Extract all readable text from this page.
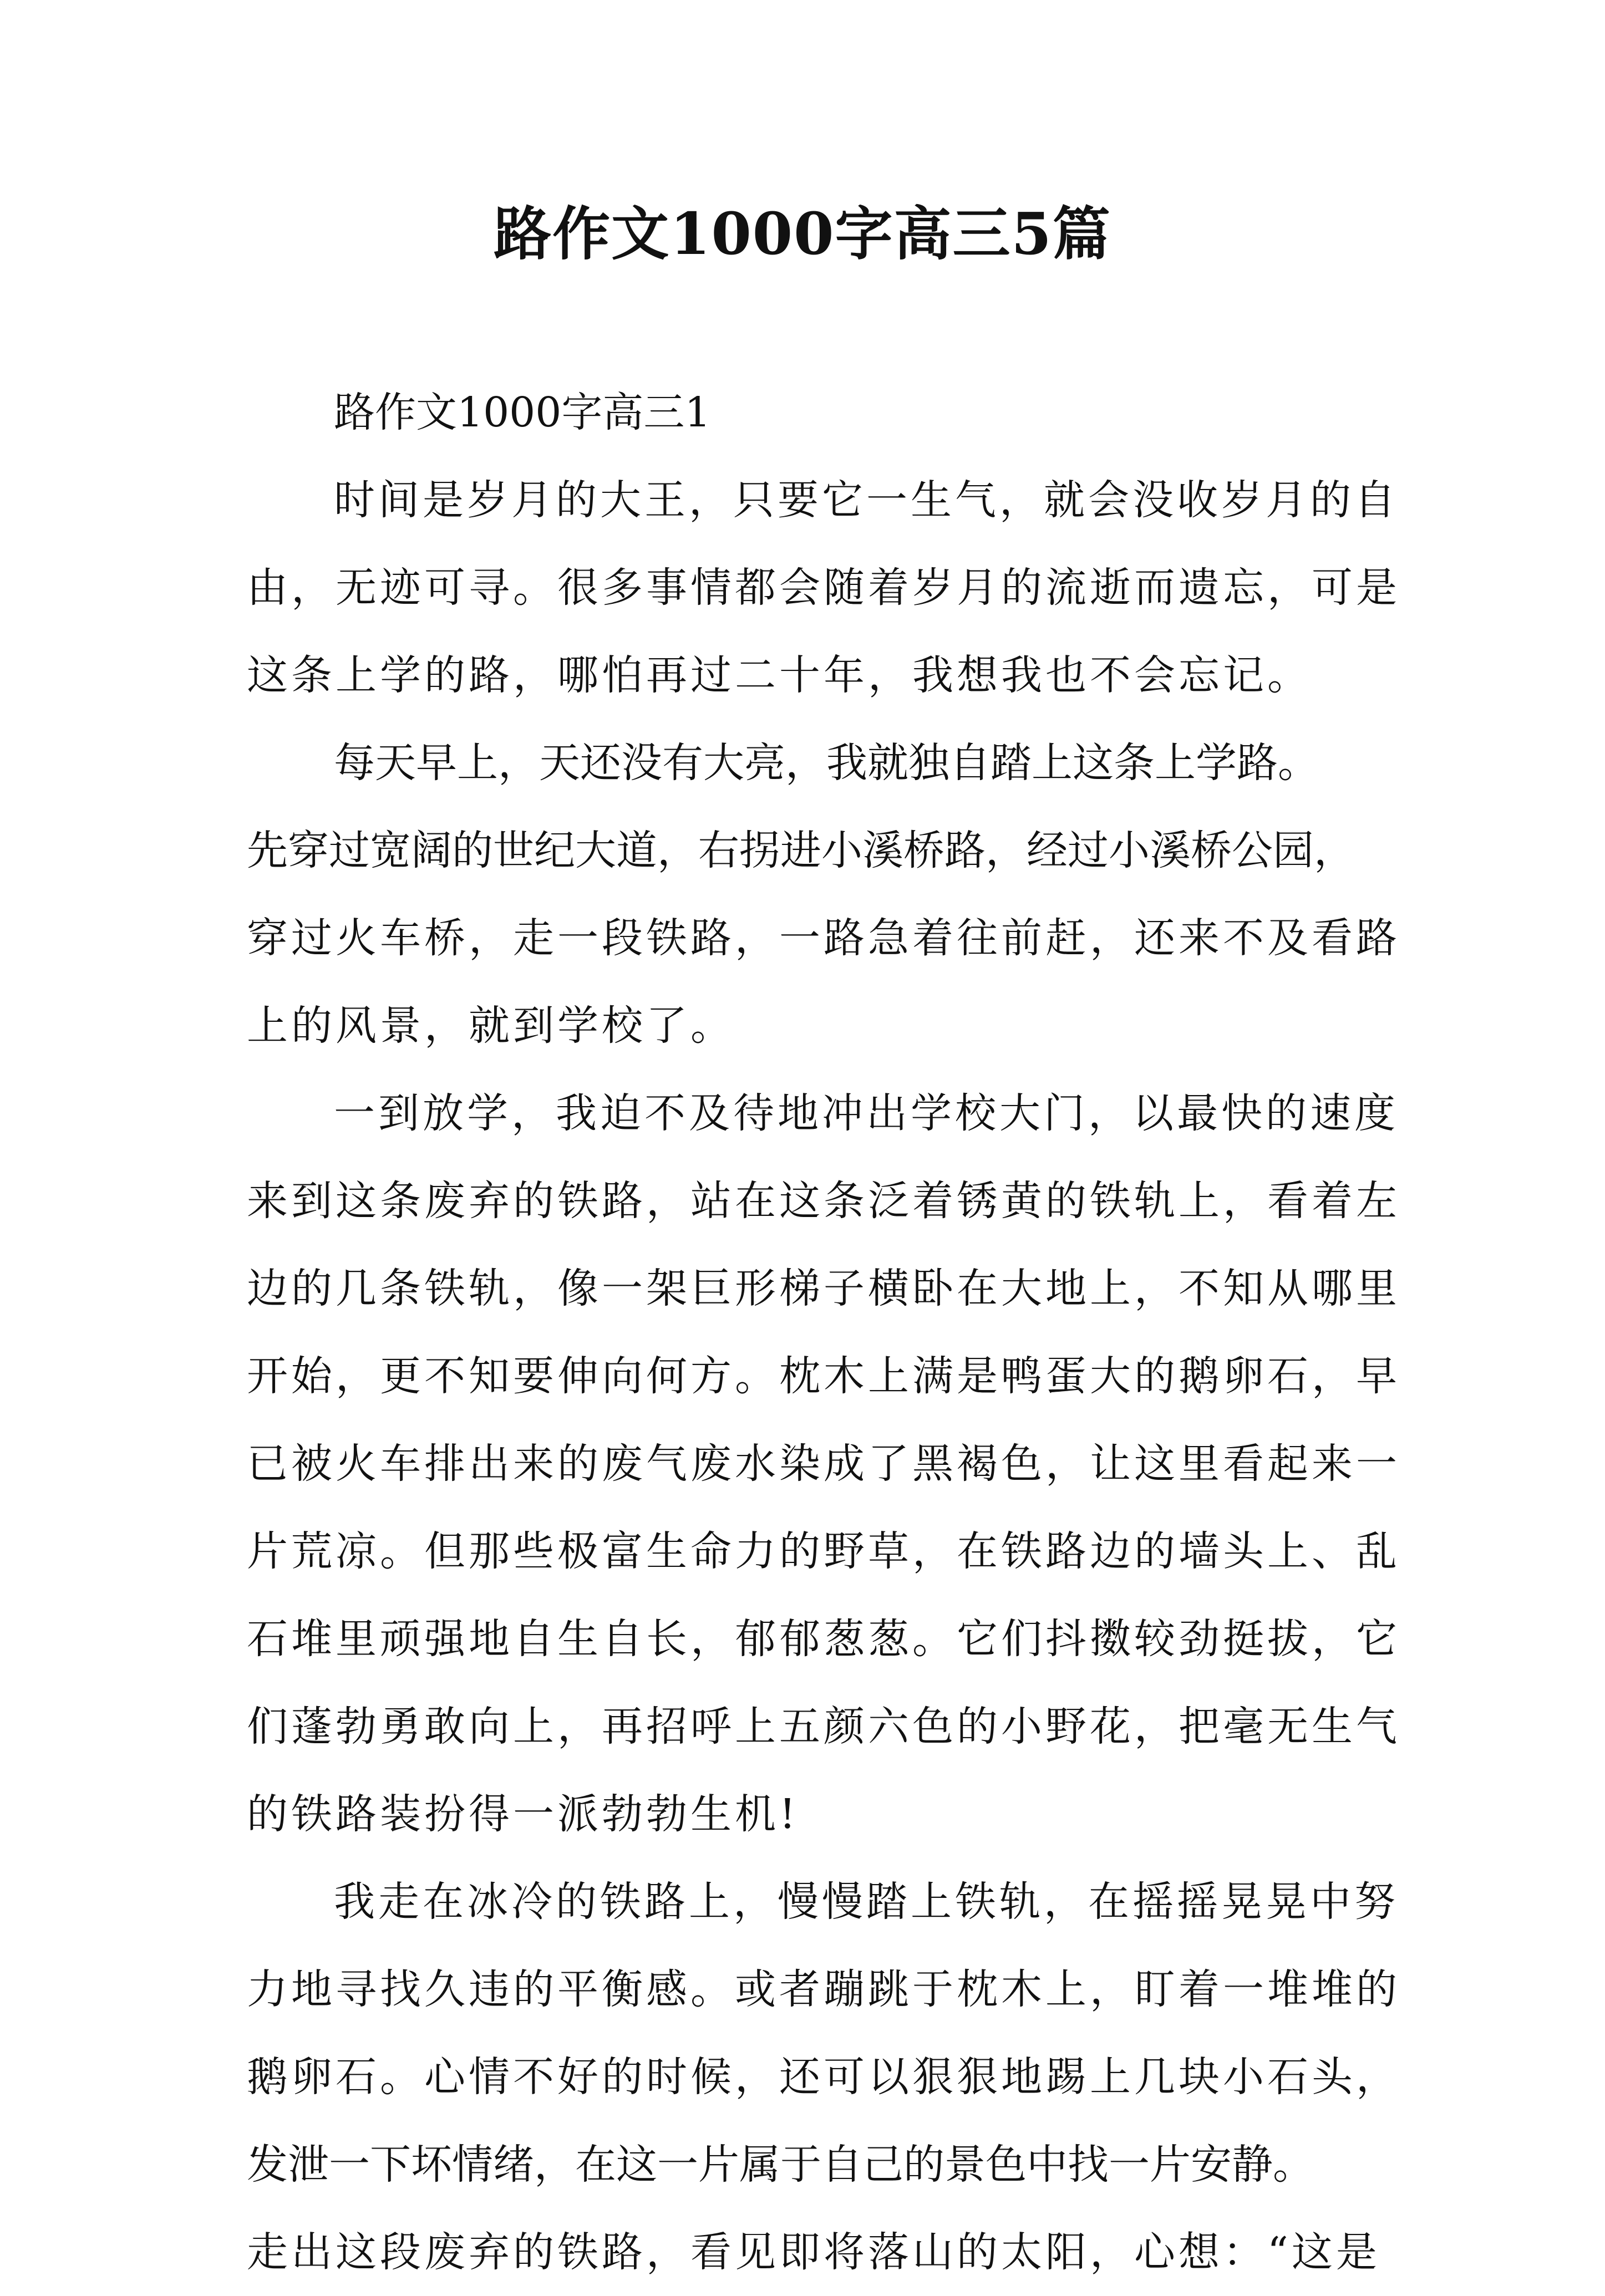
路作文1000字高三5篇
路作文1000字高三1

时间是岁月的大王，只要它一生气，就会没收岁月的自
由，无迹可寻。很多事情都会随着岁月的流逝而遗忘，可是
这条上学的路，哪怕再过二十年，我想我也不会忘记。

每天早上，天还没有大亮，我就独自踏上这条上学路。
先穿过宽阔的世纪大道，右拐进小溪桥路，经过小溪桥公园，
穿过火车桥，走一段铁路，一路急着往前赶，还来不及看路
上的风景，就到学校了。

一到放学，我迫不及待地冲出学校大门，以最快的速度
来到这条废弃的铁路，站在这条泛着锈黄的铁轨上，看着左
边的几条铁轨，像一架巨形梯子横卧在大地上，不知从哪里
开始，更不知要伸向何方。枕木上满是鸭蛋大的鹅卵石，早
已被火车排出来的废气废水染成了黑褐色，让这里看起来一
片荒凉。但那些极富生命力的野草，在铁路边的墙头上、乱
石堆里顽强地自生自长，郁郁葱葱。它们抖擞较劲挺拔，它
们蓬勃勇敢向上，再招呼上五颜六色的小野花，把毫无生气
的铁路装扮得一派勃勃生机!

我走在冰冷的铁路上，慢慢踏上铁轨，在摇摇晃晃中努
力地寻找久违的平衡感。或者蹦跳于枕木上，盯着一堆堆的
鹅卵石。心情不好的时候，还可以狠狠地踢上几块小石头，
发泄一下坏情绪，在这一片属于自己的景色中找一片安静。
走出这段废弃的铁路，看见即将落山的太阳，心想：“这是
